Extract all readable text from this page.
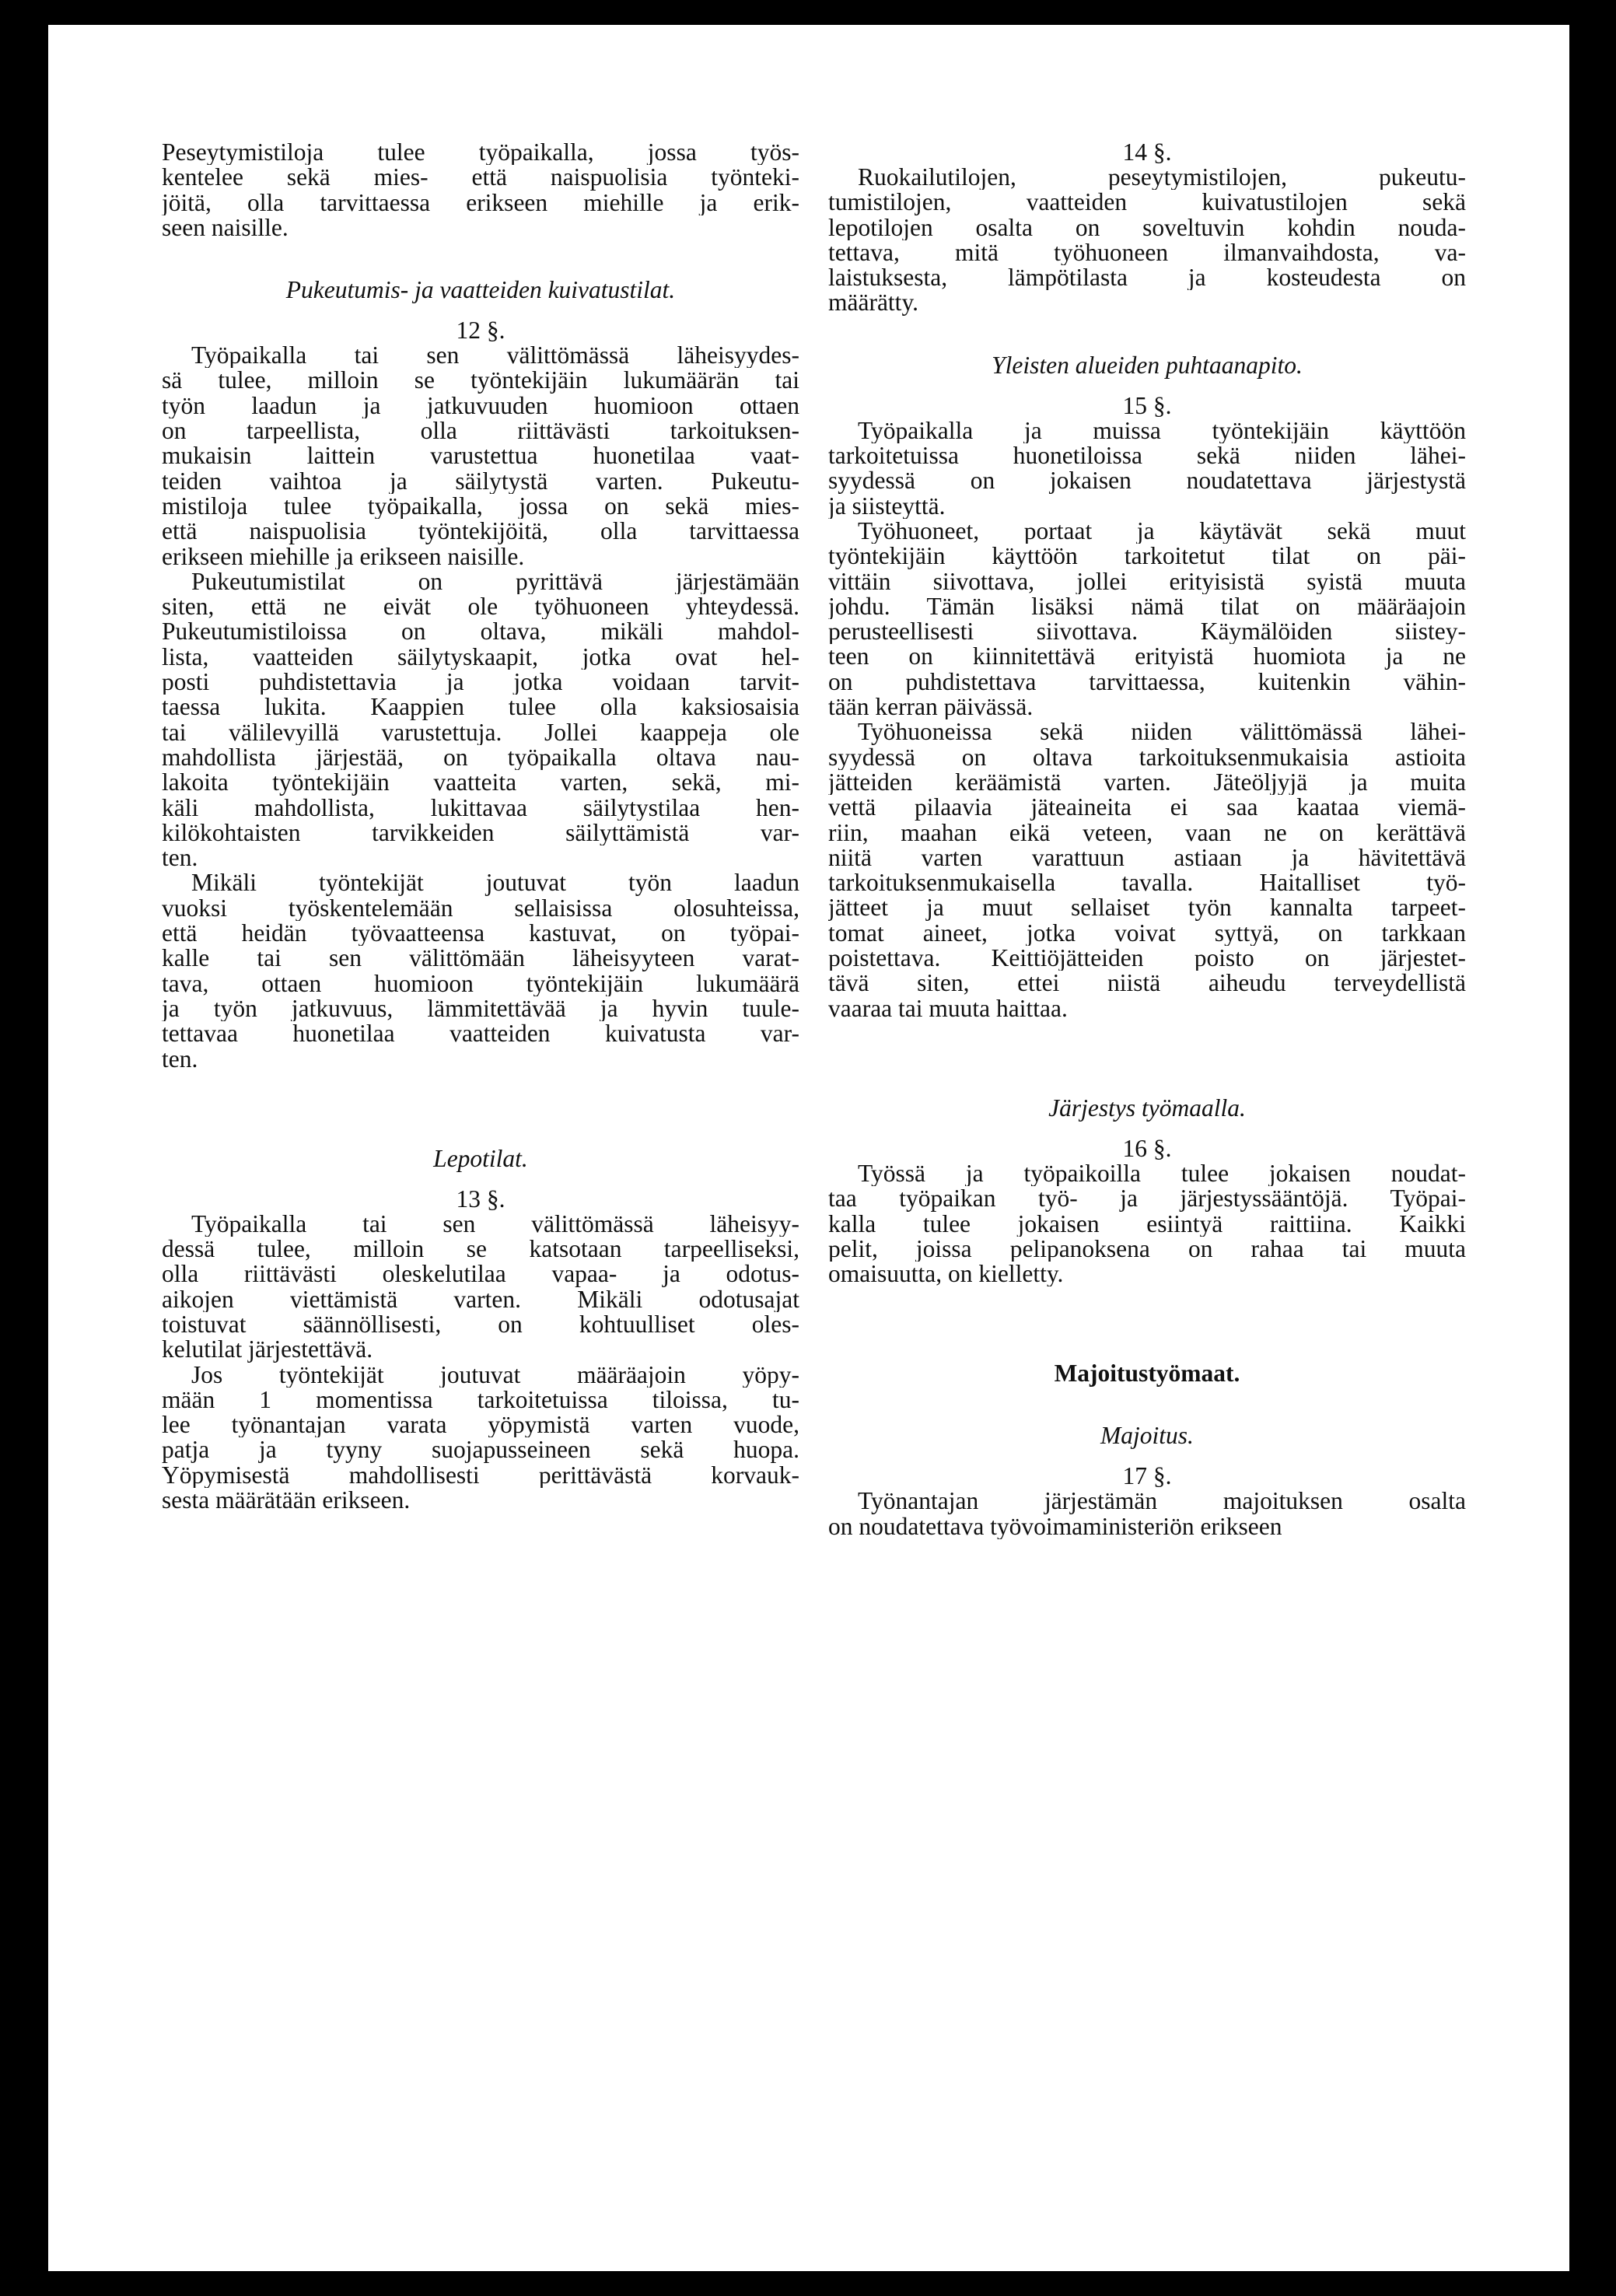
Peseytymistiloja tulee työpaikalla, jossa työs-
kentelee sekä mies- että naispuolisia työnteki-
jöitä, olla tarvittaessa erikseen miehille ja erik-
seen naisille.
Pukeutumis- ja vaatteiden kuivatustilat.
12 §.
Työpaikalla tai sen välittömässä läheisyydes-
sä tulee, milloin se työntekijäin lukumäärän tai
työn laadun ja jatkuvuuden huomioon ottaen
on tarpeellista, olla riittävästi tarkoituksen-
mukaisin laittein varustettua huonetilaa vaat-
teiden vaihtoa ja säilytystä varten. Pukeutu-
mistiloja tulee työpaikalla, jossa on sekä mies-
että naispuolisia työntekijöitä, olla tarvittaessa
erikseen miehille ja erikseen naisille.
Pukeutumistilat on pyrittävä järjestämään
siten, että ne eivät ole työhuoneen yhteydessä.
Pukeutumistiloissa on oltava, mikäli mahdol-
lista, vaatteiden säilytyskaapit, jotka ovat hel-
posti puhdistettavia ja jotka voidaan tarvit-
taessa lukita. Kaappien tulee olla kaksiosaisia
tai välilevyillä varustettuja. Jollei kaappeja ole
mahdollista järjestää, on työpaikalla oltava nau-
lakoita työntekijäin vaatteita varten, sekä, mi-
käli mahdollista, lukittavaa säilytystilaa hen-
kilökohtaisten tarvikkeiden säilyttämistä var-
ten.
Mikäli työntekijät joutuvat työn laadun
vuoksi työskentelemään sellaisissa olosuhteissa,
että heidän työvaatteensa kastuvat, on työpai-
kalle tai sen välittömään läheisyyteen varat-
tava, ottaen huomioon työntekijäin lukumäärä
ja työn jatkuvuus, lämmitettävää ja hyvin tuule-
tettavaa huonetilaa vaatteiden kuivatusta var-
ten.
Lepotilat.
13 §.
Työpaikalla tai sen välittömässä läheisyy-
dessä tulee, milloin se katsotaan tarpeelliseksi,
olla riittävästi oleskelutilaa vapaa- ja odotus-
aikojen viettämistä varten. Mikäli odotusajat
toistuvat säännöllisesti, on kohtuulliset oles-
kelutilat järjestettävä.
Jos työntekijät joutuvat määräajoin yöpy-
mään 1 momentissa tarkoitetuissa tiloissa, tu-
lee työnantajan varata yöpymistä varten vuode,
patja ja tyyny suojapusseineen sekä huopa.
Yöpymisestä mahdollisesti perittävästä korvauk-
sesta määrätään erikseen.
14 §.
Ruokailutilojen, peseytymistilojen, pukeutu-
tumistilojen, vaatteiden kuivatustilojen sekä
lepotilojen osalta on soveltuvin kohdin nouda-
tettava, mitä työhuoneen ilmanvaihdosta, va-
laistuksesta, lämpötilasta ja kosteudesta on
määrätty.
Yleisten alueiden puhtaanapito.
15 §.
Työpaikalla ja muissa työntekijäin käyttöön
tarkoitetuissa huonetiloissa sekä niiden lähei-
syydessä on jokaisen noudatettava järjestystä
ja siisteyttä.
Työhuoneet, portaat ja käytävät sekä muut
työntekijäin käyttöön tarkoitetut tilat on päi-
vittäin siivottava, jollei erityisistä syistä muuta
johdu. Tämän lisäksi nämä tilat on määräajoin
perusteellisesti siivottava. Käymälöiden siistey-
teen on kiinnitettävä erityistä huomiota ja ne
on puhdistettava tarvittaessa, kuitenkin vähin-
tään kerran päivässä.
Työhuoneissa sekä niiden välittömässä lähei-
syydessä on oltava tarkoituksenmukaisia astioita
jätteiden keräämistä varten. Jäteöljyjä ja muita
vettä pilaavia jäteaineita ei saa kaataa viemä-
riin, maahan eikä veteen, vaan ne on kerättävä
niitä varten varattuun astiaan ja hävitettävä
tarkoituksenmukaisella tavalla. Haitalliset työ-
jätteet ja muut sellaiset työn kannalta tarpeet-
tomat aineet, jotka voivat syttyä, on tarkkaan
poistettava. Keittiöjätteiden poisto on järjestet-
tävä siten, ettei niistä aiheudu terveydellistä
vaaraa tai muuta haittaa.
Järjestys työmaalla.
16 §.
Työssä ja työpaikoilla tulee jokaisen noudat-
taa työpaikan työ- ja järjestyssääntöjä. Työpai-
kalla tulee jokaisen esiintyä raittiina. Kaikki
pelit, joissa pelipanoksena on rahaa tai muuta
omaisuutta, on kielletty.
Majoitustyömaat.
Majoitus.
17 §.
Työnantajan järjestämän majoituksen osalta
on noudatettava työvoimaministeriön erikseen
